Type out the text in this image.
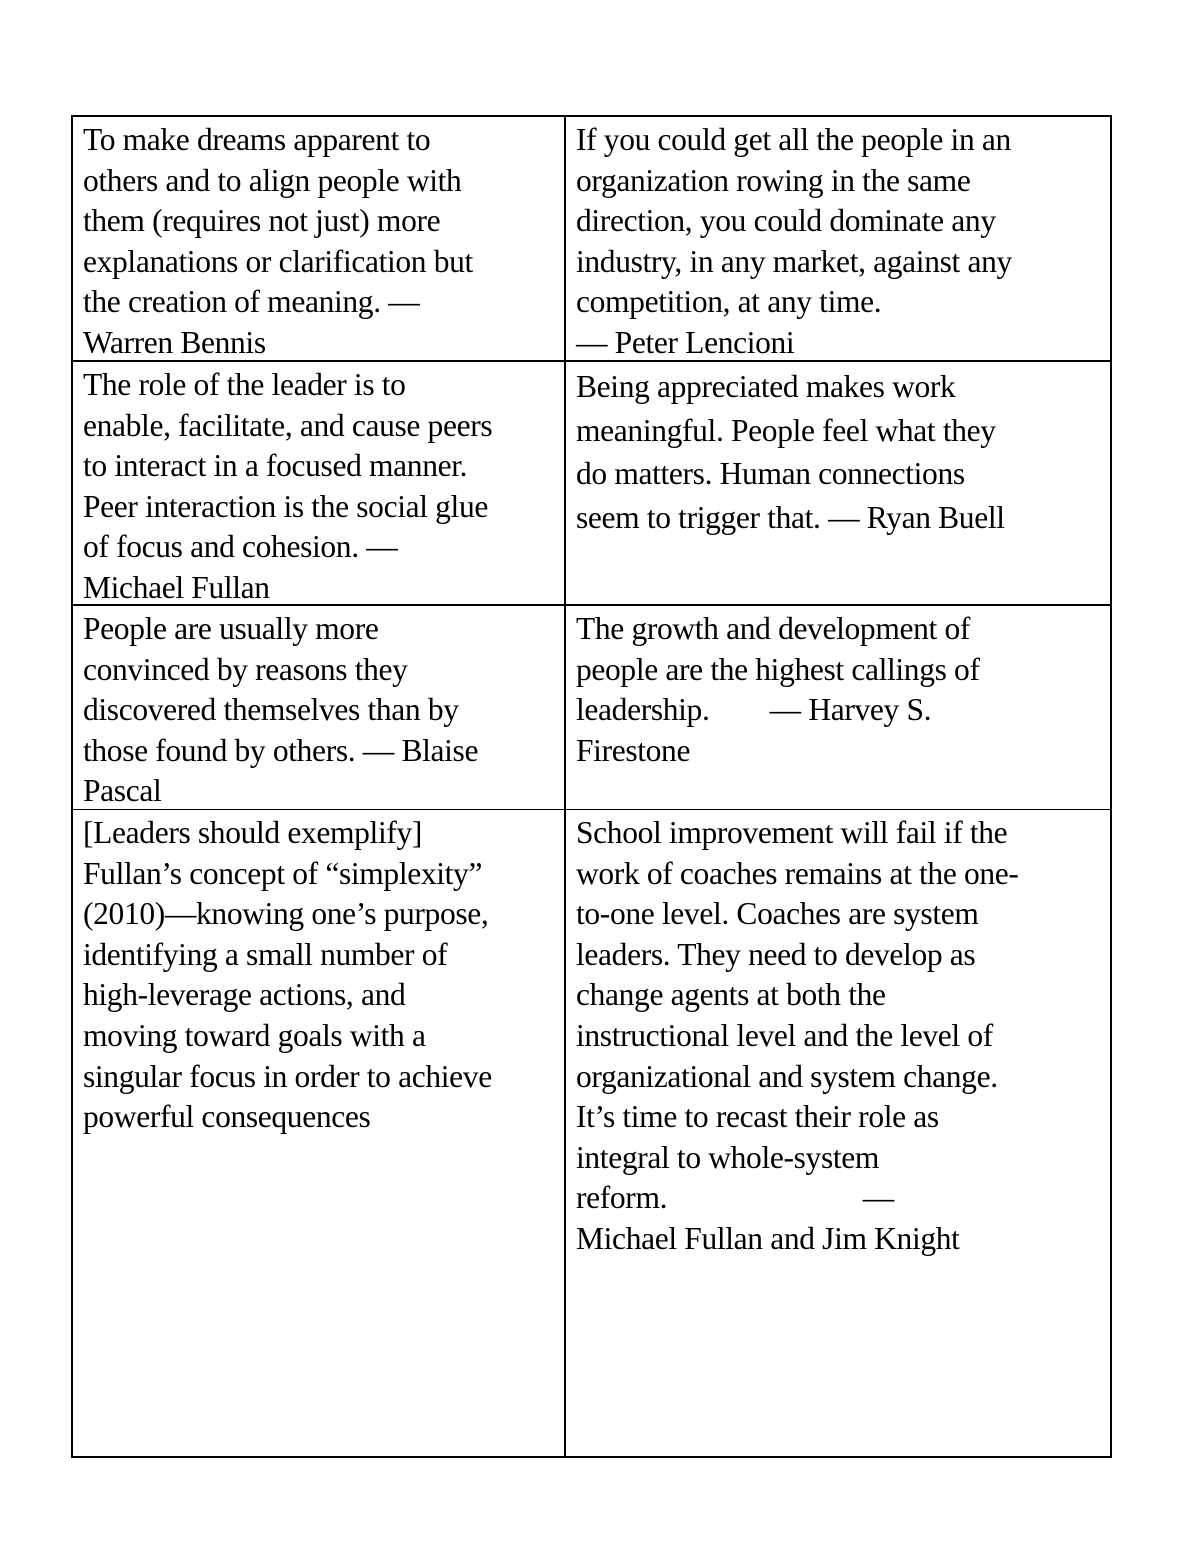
To make dreams apparent to
others and to align people with
them (requires not just) more
explanations or clarification but
the creation of meaning. —
Warren Bennis
If you could get all the people in an
organization rowing in the same
direction, you could dominate any
industry, in any market, against any
competition, at any time.
— Peter Lencioni
The role of the leader is to
enable, facilitate, and cause peers
to interact in a focused manner.
Peer interaction is the social glue
of focus and cohesion. —
Michael Fullan
Being appreciated makes work
meaningful. People feel what they
do matters. Human connections
seem to trigger that. — Ryan Buell
People are usually more
convinced by reasons they
discovered themselves than by
those found by others. — Blaise
Pascal
The growth and development of
people are the highest callings of
leadership.        — Harvey S.
Firestone
[Leaders should exemplify]
Fullan’s concept of “simplexity”
(2010)—knowing one’s purpose,
identifying a small number of
high-leverage actions, and
moving toward goals with a
singular focus in order to achieve
powerful consequences
School improvement will fail if the
work of coaches remains at the one-
to-one level. Coaches are system
leaders. They need to develop as
change agents at both the
instructional level and the level of
organizational and system change.
It’s time to recast their role as
integral to whole-system
reform.                          —
Michael Fullan and Jim Knight
